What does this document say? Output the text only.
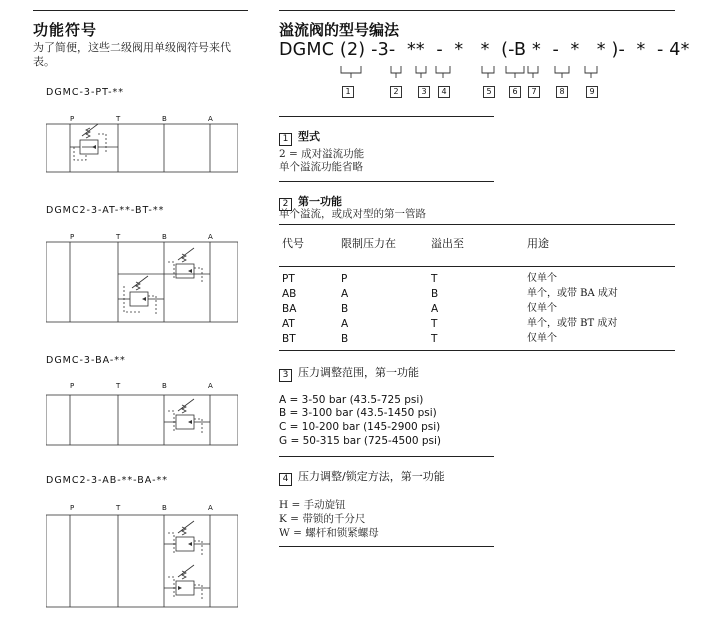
功能符号
为了简便，这些二级阀用单级阀符号来代表。
DGMC-3-PT-**
P	T	B	A
DGMC2-3-AT-**-BT-**
P	T	B	A
DGMC-3-BA-**
P	T	B	A
DGMC2-3-AB-**-BA-**
P	T	B	A
溢流阀的型号编法
DGMC (2) -3-  **  -  *   *  (-B *  -  *   * )-  *  - 4*
1	2	3	4	5	6	7	8	9
1 型式
2 = 成对溢流功能
单个溢流功能省略
2 第一功能
单个溢流，或成对型的第一管路
代号	限制压力在	溢出至	用途
PT	P	T	仅单个
AB	A	B	单个，或带 BA 成对
BA	B	A	仅单个
AT	A	T	单个，或带 BT 成对
BT	B	T	仅单个
3 压力调整范围，第一功能
A = 3-50 bar (43.5-725 psi)
B = 3-100 bar (43.5-1450 psi)
C = 10-200 bar (145-2900 psi)
G = 50-315 bar (725-4500 psi)
4 压力调整/锁定方法，第一功能
H = 手动旋钮
K = 带锁的千分尺
W = 螺杆和锁紧螺母
